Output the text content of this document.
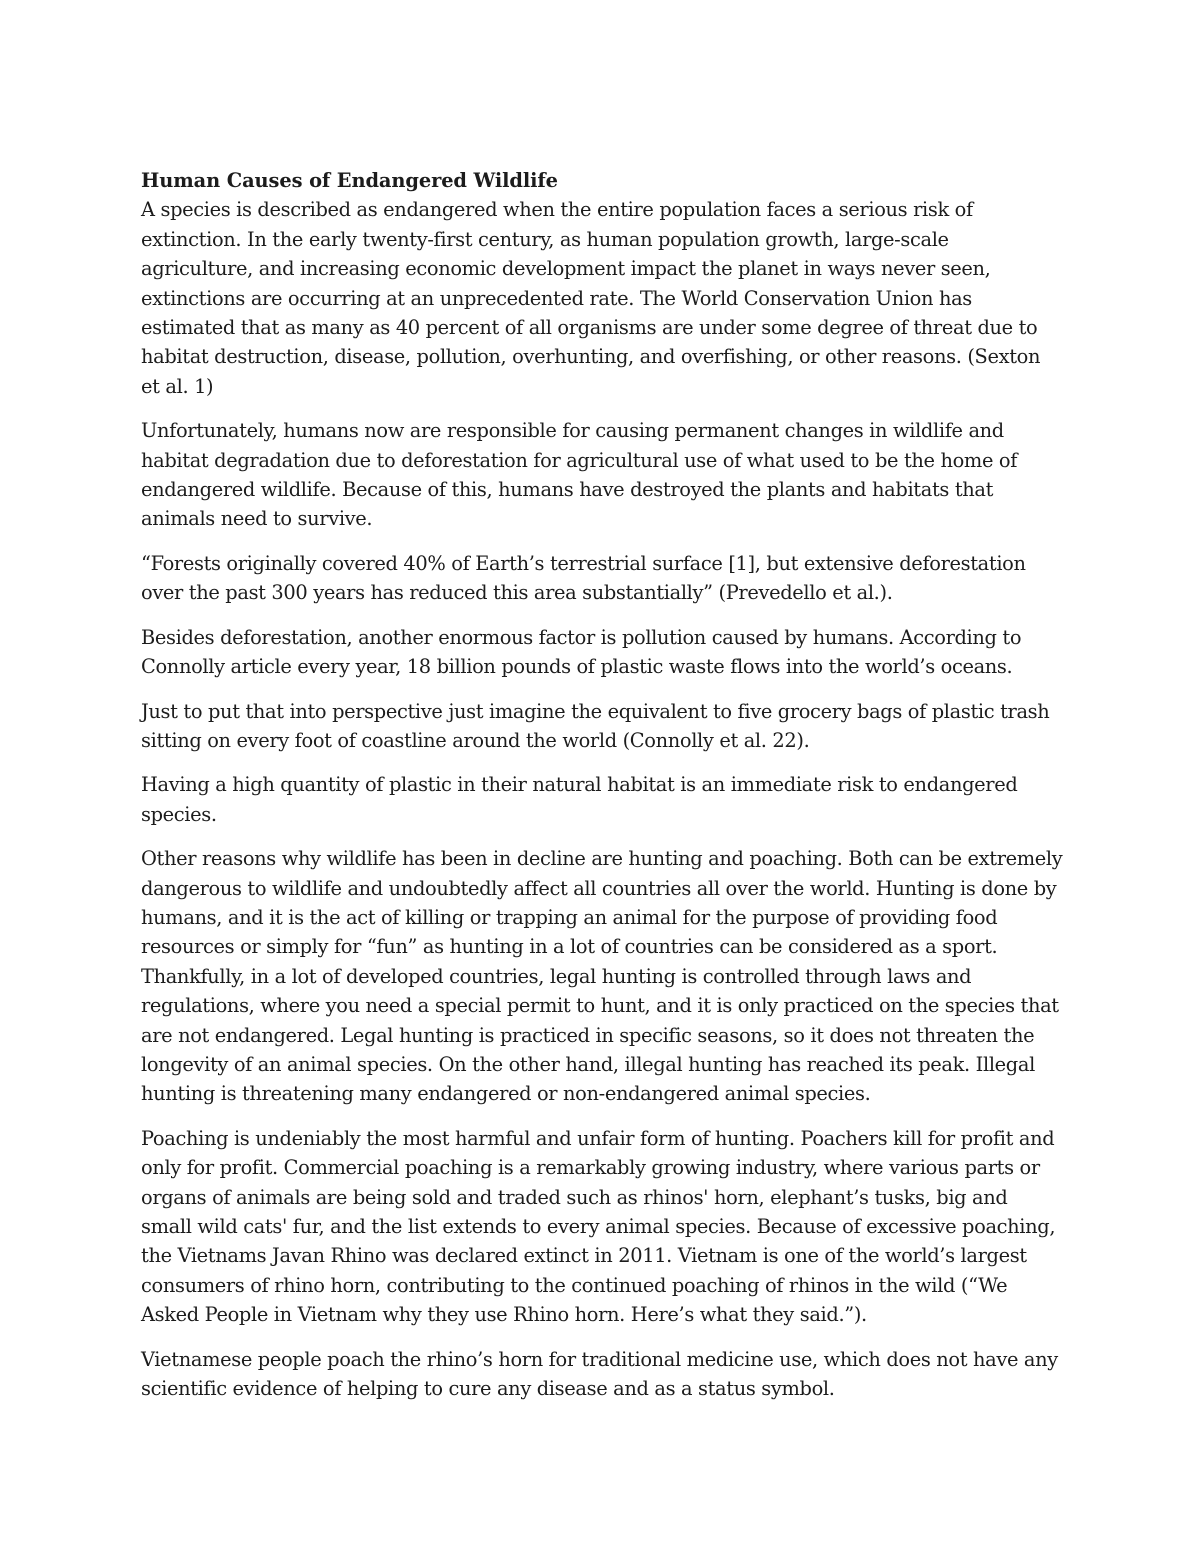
Human Causes of Endangered Wildlife

A species is described as endangered when the entire population faces a serious risk of extinction. In the early twenty-first century, as human population growth, large-scale agriculture, and increasing economic development impact the planet in ways never seen, extinctions are occurring at an unprecedented rate. The World Conservation Union has estimated that as many as 40 percent of all organisms are under some degree of threat due to habitat destruction, disease, pollution, overhunting, and overfishing, or other reasons. (Sexton et al. 1)

Unfortunately, humans now are responsible for causing permanent changes in wildlife and habitat degradation due to deforestation for agricultural use of what used to be the home of endangered wildlife. Because of this, humans have destroyed the plants and habitats that animals need to survive.

“Forests originally covered 40% of Earth’s terrestrial surface [1], but extensive deforestation over the past 300 years has reduced this area substantially” (Prevedello et al.).

Besides deforestation, another enormous factor is pollution caused by humans. According to Connolly article every year, 18 billion pounds of plastic waste flows into the world’s oceans.

Just to put that into perspective just imagine the equivalent to five grocery bags of plastic trash sitting on every foot of coastline around the world (Connolly et al. 22).

Having a high quantity of plastic in their natural habitat is an immediate risk to endangered species.

Other reasons why wildlife has been in decline are hunting and poaching. Both can be extremely dangerous to wildlife and undoubtedly affect all countries all over the world. Hunting is done by humans, and it is the act of killing or trapping an animal for the purpose of providing food resources or simply for “fun” as hunting in a lot of countries can be considered as a sport. Thankfully, in a lot of developed countries, legal hunting is controlled through laws and regulations, where you need a special permit to hunt, and it is only practiced on the species that are not endangered. Legal hunting is practiced in specific seasons, so it does not threaten the longevity of an animal species. On the other hand, illegal hunting has reached its peak. Illegal hunting is threatening many endangered or non-endangered animal species.

Poaching is undeniably the most harmful and unfair form of hunting. Poachers kill for profit and only for profit. Commercial poaching is a remarkably growing industry, where various parts or organs of animals are being sold and traded such as rhinos' horn, elephant’s tusks, big and small wild cats' fur, and the list extends to every animal species. Because of excessive poaching, the Vietnams Javan Rhino was declared extinct in 2011. Vietnam is one of the world’s largest consumers of rhino horn, contributing to the continued poaching of rhinos in the wild (“We Asked People in Vietnam why they use Rhino horn. Here’s what they said.”).

Vietnamese people poach the rhino’s horn for traditional medicine use, which does not have any scientific evidence of helping to cure any disease and as a status symbol.
